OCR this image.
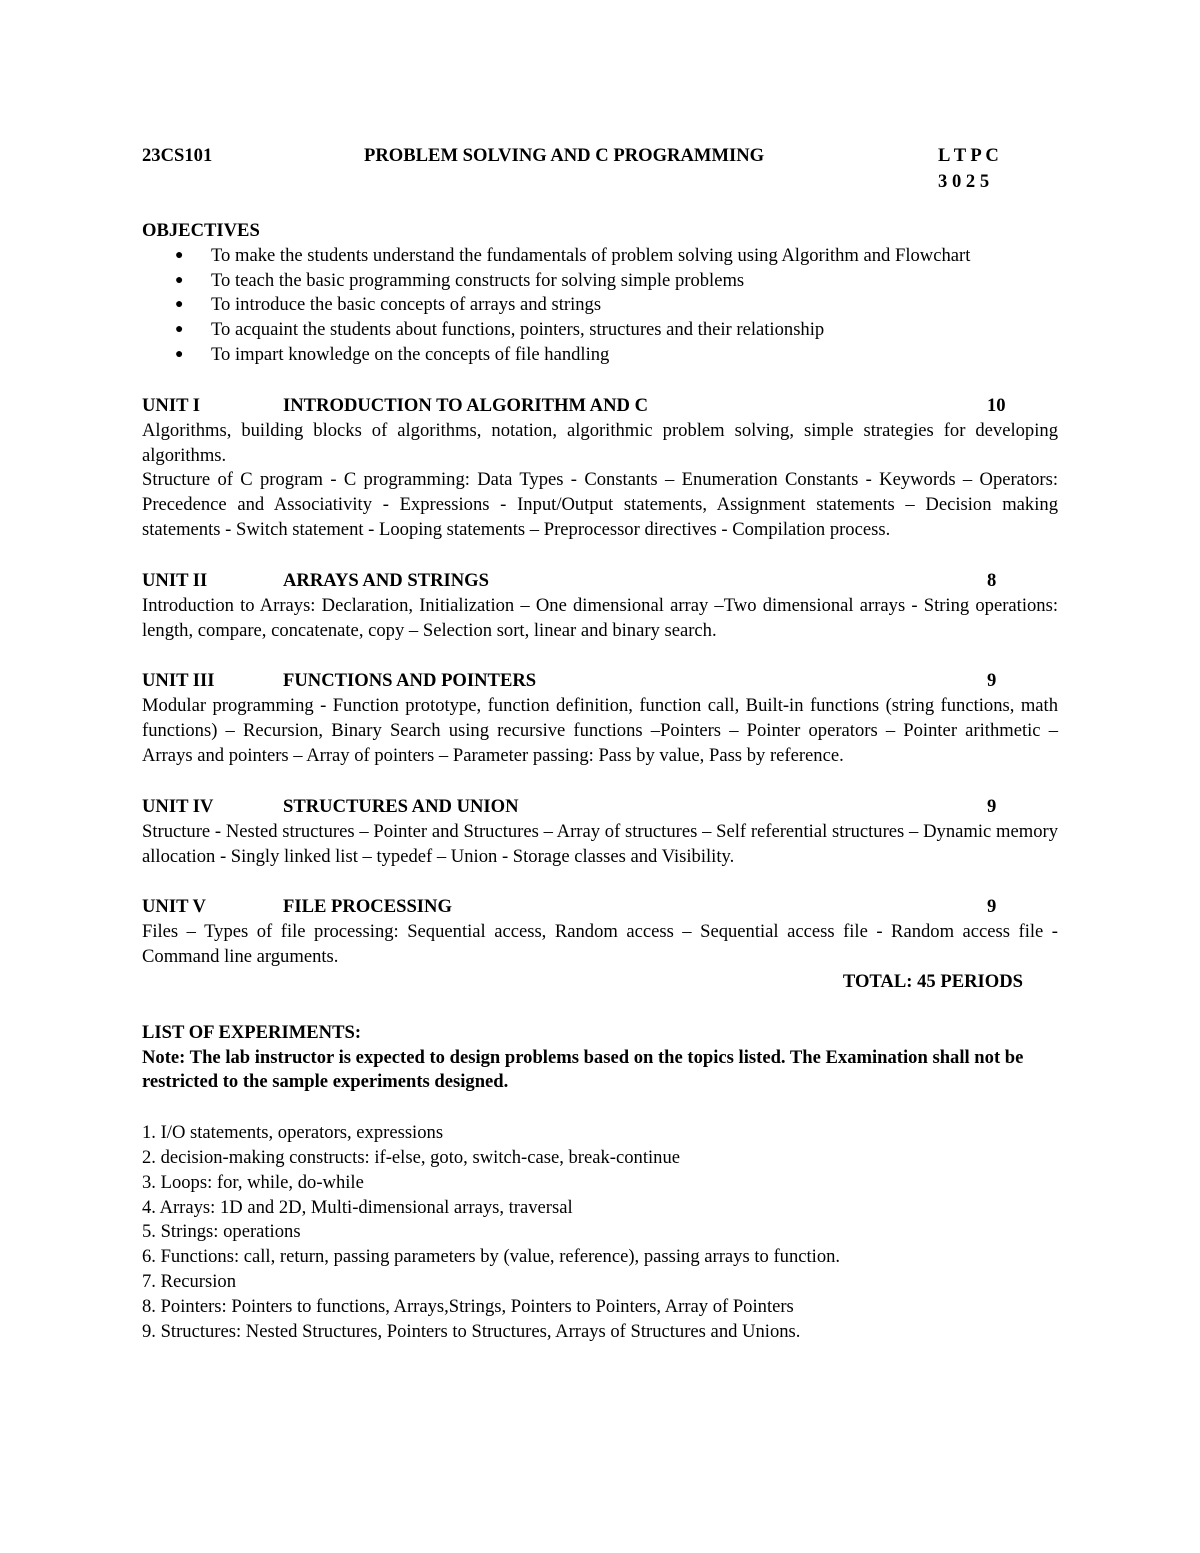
23CS101	PROBLEM SOLVING AND C PROGRAMMING	L T P C
3 0 2 5
OBJECTIVES
● To make the students understand the fundamentals of problem solving using Algorithm and Flowchart
● To teach the basic programming constructs for solving simple problems
● To introduce the basic concepts of arrays and strings
● To acquaint the students about functions, pointers, structures and their relationship
● To impart knowledge on the concepts of file handling
UNIT I	INTRODUCTION TO ALGORITHM AND C	10

Algorithms, building blocks of algorithms, notation, algorithmic problem solving, simple strategies for developing algorithms.

Structure of C program - C programming: Data Types - Constants – Enumeration Constants - Keywords – Operators: Precedence and Associativity - Expressions - Input/Output statements, Assignment statements – Decision making statements - Switch statement - Looping statements – Preprocessor directives - Compilation process.

UNIT II	ARRAYS AND STRINGS	8

Introduction to Arrays: Declaration, Initialization – One dimensional array –Two dimensional arrays - String operations: length, compare, concatenate, copy – Selection sort, linear and binary search.

UNIT III	FUNCTIONS AND POINTERS	9

Modular programming - Function prototype, function definition, function call, Built-in functions (string functions, math functions) – Recursion, Binary Search using recursive functions –Pointers – Pointer operators – Pointer arithmetic – Arrays and pointers – Array of pointers – Parameter passing: Pass by value, Pass by reference.

UNIT IV	STRUCTURES AND UNION	9

Structure - Nested structures – Pointer and Structures – Array of structures – Self referential structures – Dynamic memory allocation - Singly linked list – typedef – Union - Storage classes and Visibility.

UNIT V	FILE PROCESSING	9

Files – Types of file processing: Sequential access, Random access – Sequential access file - Random access file - Command line arguments.

TOTAL: 45 PERIODS
LIST OF EXPERIMENTS:

Note: The lab instructor is expected to design problems based on the topics listed. The Examination shall not be restricted to the sample experiments designed.

1. I/O statements, operators, expressions
2. decision-making constructs: if-else, goto, switch-case, break-continue
3. Loops: for, while, do-while
4. Arrays: 1D and 2D, Multi-dimensional arrays, traversal
5. Strings: operations
6. Functions: call, return, passing parameters by (value, reference), passing arrays to function.
7. Recursion
8. Pointers: Pointers to functions, Arrays,Strings, Pointers to Pointers, Array of Pointers
9. Structures: Nested Structures, Pointers to Structures, Arrays of Structures and Unions.
